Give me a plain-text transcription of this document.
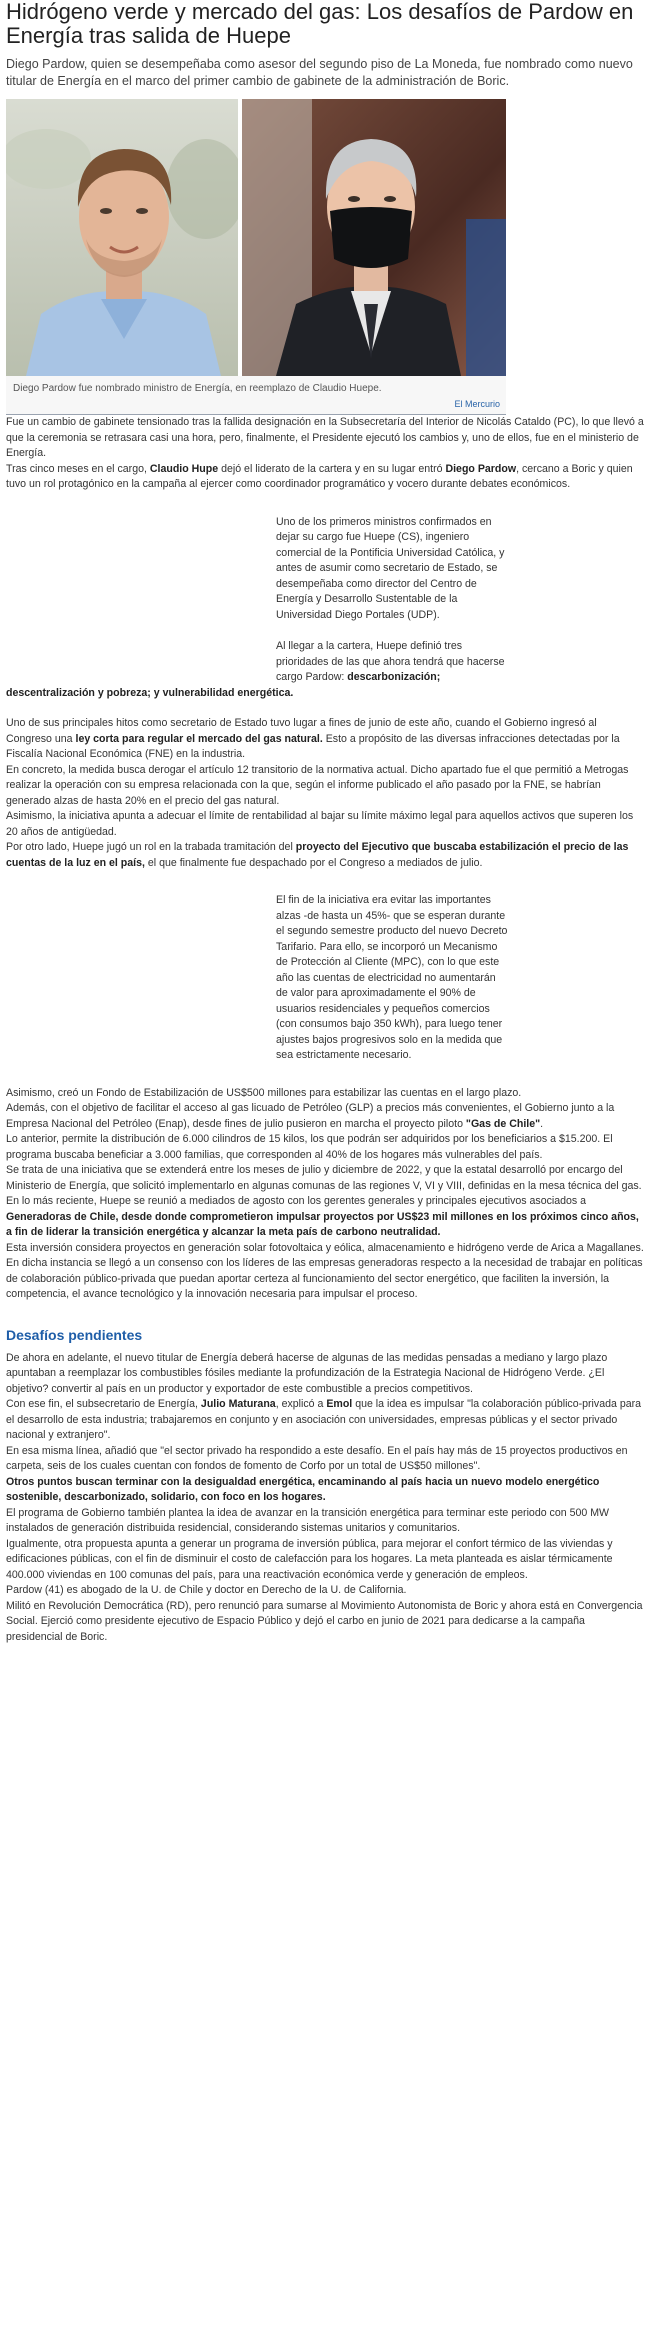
Hidrógeno verde y mercado del gas: Los desafíos de Pardow en Energía tras salida de Huepe

Diego Pardow, quien se desempeñaba como asesor del segundo piso de La Moneda, fue nombrado como nuevo titular de Energía en el marco del primer cambio de gabinete de la administración de Boric.

Diego Pardow fue nombrado ministro de Energía, en reemplazo de Claudio Huepe.
El Mercurio

Fue un cambio de gabinete tensionado tras la fallida designación en la Subsecretaría del Interior de Nicolás Cataldo (PC), lo que llevó a que la ceremonia se retrasara casi una hora, pero, finalmente, el Presidente ejecutó los cambios y, uno de ellos, fue en el ministerio de Energía.

Tras cinco meses en el cargo, Claudio Hupe dejó el liderato de la cartera y en su lugar entró Diego Pardow, cercano a Boric y quien tuvo un rol protagónico en la campaña al ejercer como coordinador programático y vocero durante debates económicos.

Uno de los primeros ministros confirmados en dejar su cargo fue Huepe (CS), ingeniero comercial de la Pontificia Universidad Católica, y antes de asumir como secretario de Estado, se desempeñaba como director del Centro de Energía y Desarrollo Sustentable de la Universidad Diego Portales (UDP).
Al llegar a la cartera, Huepe definió tres prioridades de las que ahora tendrá que hacerse cargo Pardow: descarbonización;

descentralización y pobreza; y vulnerabilidad energética.

Uno de sus principales hitos como secretario de Estado tuvo lugar a fines de junio de este año, cuando el Gobierno ingresó al Congreso una ley corta para regular el mercado del gas natural. Esto a propósito de las diversas infracciones detectadas por la Fiscalía Nacional Económica (FNE) en la industria.

En concreto, la medida busca derogar el artículo 12 transitorio de la normativa actual. Dicho apartado fue el que permitió a Metrogas realizar la operación con su empresa relacionada con la que, según el informe publicado el año pasado por la FNE, se habrían generado alzas de hasta 20% en el precio del gas natural.

Asimismo, la iniciativa apunta a adecuar el límite de rentabilidad al bajar su límite máximo legal para aquellos activos que superen los 20 años de antigüedad.

Por otro lado, Huepe jugó un rol en la trabada tramitación del proyecto del Ejecutivo que buscaba estabilización el precio de las cuentas de la luz en el país, el que finalmente fue despachado por el Congreso a mediados de julio.

El fin de la iniciativa era evitar las importantes alzas -de hasta un 45%- que se esperan durante el segundo semestre producto del nuevo Decreto Tarifario. Para ello, se incorporó un Mecanismo de Protección al Cliente (MPC), con lo que este año las cuentas de electricidad no aumentarán de valor para aproximadamente el 90% de usuarios residenciales y pequeños comercios (con consumos bajo 350 kWh), para luego tener ajustes bajos progresivos solo en la medida que sea estrictamente necesario.

Asimismo, creó un Fondo de Estabilización de US$500 millones para estabilizar las cuentas en el largo plazo.

Además, con el objetivo de facilitar el acceso al gas licuado de Petróleo (GLP) a precios más convenientes, el Gobierno junto a la Empresa Nacional del Petróleo (Enap), desde fines de julio pusieron en marcha el proyecto piloto "Gas de Chile".

Lo anterior, permite la distribución de 6.000 cilindros de 15 kilos, los que podrán ser adquiridos por los beneficiarios a $15.200. El programa buscaba beneficiar a 3.000 familias, que corresponden al 40% de los hogares más vulnerables del país.

Se trata de una iniciativa que se extenderá entre los meses de julio y diciembre de 2022, y que la estatal desarrolló por encargo del Ministerio de Energía, que solicitó implementarlo en algunas comunas de las regiones V, VI y VIII, definidas en la mesa técnica del gas.

En lo más reciente, Huepe se reunió a mediados de agosto con los gerentes generales y principales ejecutivos asociados a Generadoras de Chile, desde donde comprometieron impulsar proyectos por US$23 mil millones en los próximos cinco años, a fin de liderar la transición energética y alcanzar la meta país de carbono neutralidad.

Esta inversión considera proyectos en generación solar fotovoltaica y eólica, almacenamiento e hidrógeno verde de Arica a Magallanes.

En dicha instancia se llegó a un consenso con los líderes de las empresas generadoras respecto a la necesidad de trabajar en políticas de colaboración público-privada que puedan aportar certeza al funcionamiento del sector energético, que faciliten la inversión, la competencia, el avance tecnológico y la innovación necesaria para impulsar el proceso.

Desafíos pendientes

De ahora en adelante, el nuevo titular de Energía deberá hacerse de algunas de las medidas pensadas a mediano y largo plazo apuntaban a reemplazar los combustibles fósiles mediante la profundización de la Estrategia Nacional de Hidrógeno Verde. ¿El objetivo? convertir al país en un productor y exportador de este combustible a precios competitivos.

Con ese fin, el subsecretario de Energía, Julio Maturana, explicó a Emol que la idea es impulsar "la colaboración público-privada para el desarrollo de esta industria; trabajaremos en conjunto y en asociación con universidades, empresas públicas y el sector privado nacional y extranjero".

En esa misma línea, añadió que "el sector privado ha respondido a este desafío. En el país hay más de 15 proyectos productivos en carpeta, seis de los cuales cuentan con fondos de fomento de Corfo por un total de US$50 millones".

Otros puntos buscan terminar con la desigualdad energética, encaminando al país hacia un nuevo modelo energético sostenible, descarbonizado, solidario, con foco en los hogares.

El programa de Gobierno también plantea la idea de avanzar en la transición energética para terminar este periodo con 500 MW instalados de generación distribuida residencial, considerando sistemas unitarios y comunitarios.

Igualmente, otra propuesta apunta a generar un programa de inversión pública, para mejorar el confort térmico de las viviendas y edificaciones públicas, con el fin de disminuir el costo de calefacción para los hogares. La meta planteada es aislar térmicamente 400.000 viviendas en 100 comunas del país, para una reactivación económica verde y generación de empleos.

Pardow (41) es abogado de la U. de Chile y doctor en Derecho de la U. de California.

Militó en Revolución Democrática (RD), pero renunció para sumarse al Movimiento Autonomista de Boric y ahora está en Convergencia Social. Ejerció como presidente ejecutivo de Espacio Público y dejó el carbo en junio de 2021 para dedicarse a la campaña presidencial de Boric.
